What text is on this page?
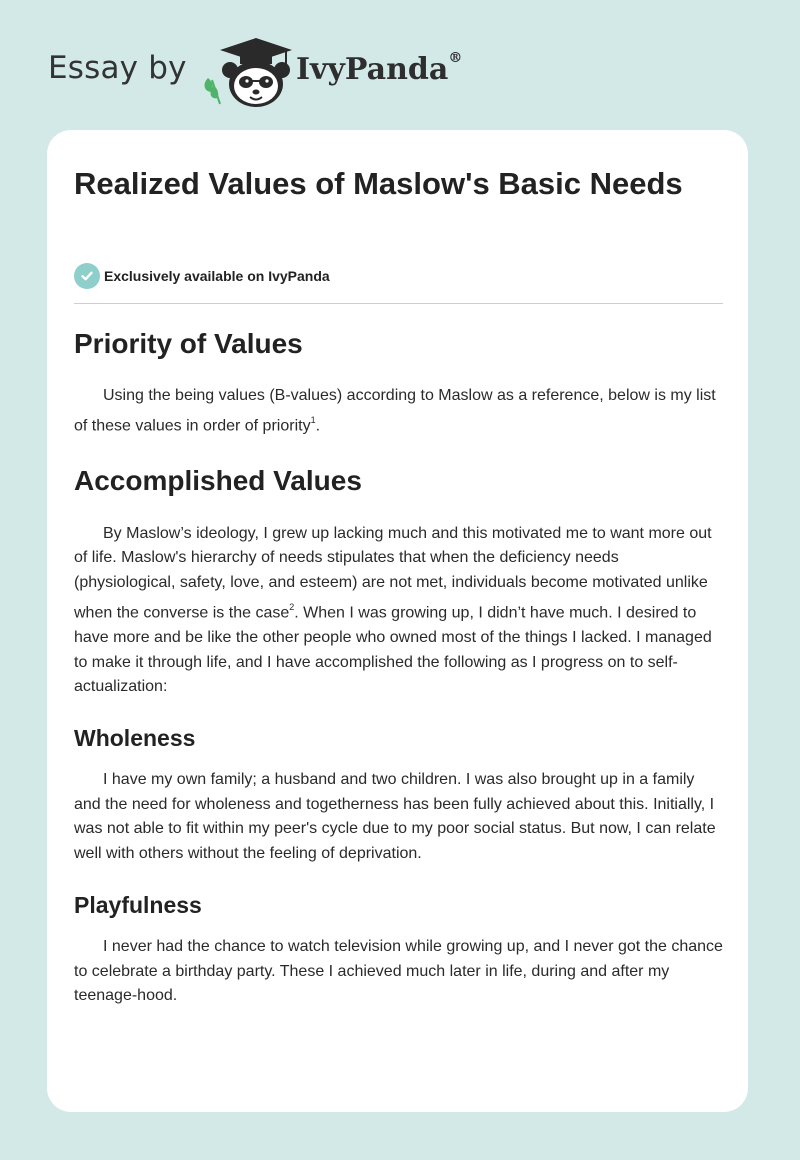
Essay by	IvyPanda®
Realized Values of Maslow's Basic Needs
Exclusively available on IvyPanda
Priority of Values

Using the being values (B-values) according to Maslow as a reference, below is my list of these values in order of priority$^1$.

Accomplished Values

By Maslow’s ideology, I grew up lacking much and this motivated me to want more out of life. Maslow's hierarchy of needs stipulates that when the deficiency needs (physiological, safety, love, and esteem) are not met, individuals become motivated unlike when the converse is the case$^2$. When I was growing up, I didn’t have much. I desired to have more and be like the other people who owned most of the things I lacked. I managed to make it through life, and I have accomplished the following as I progress on to self-actualization:

Wholeness

I have my own family; a husband and two children. I was also brought up in a family and the need for wholeness and togetherness has been fully achieved about this. Initially, I was not able to fit within my peer's cycle due to my poor social status. But now, I can relate well with others without the feeling of deprivation.

Playfulness

I never had the chance to watch television while growing up, and I never got the chance to celebrate a birthday party. These I achieved much later in life, during and after my teenage-hood.
